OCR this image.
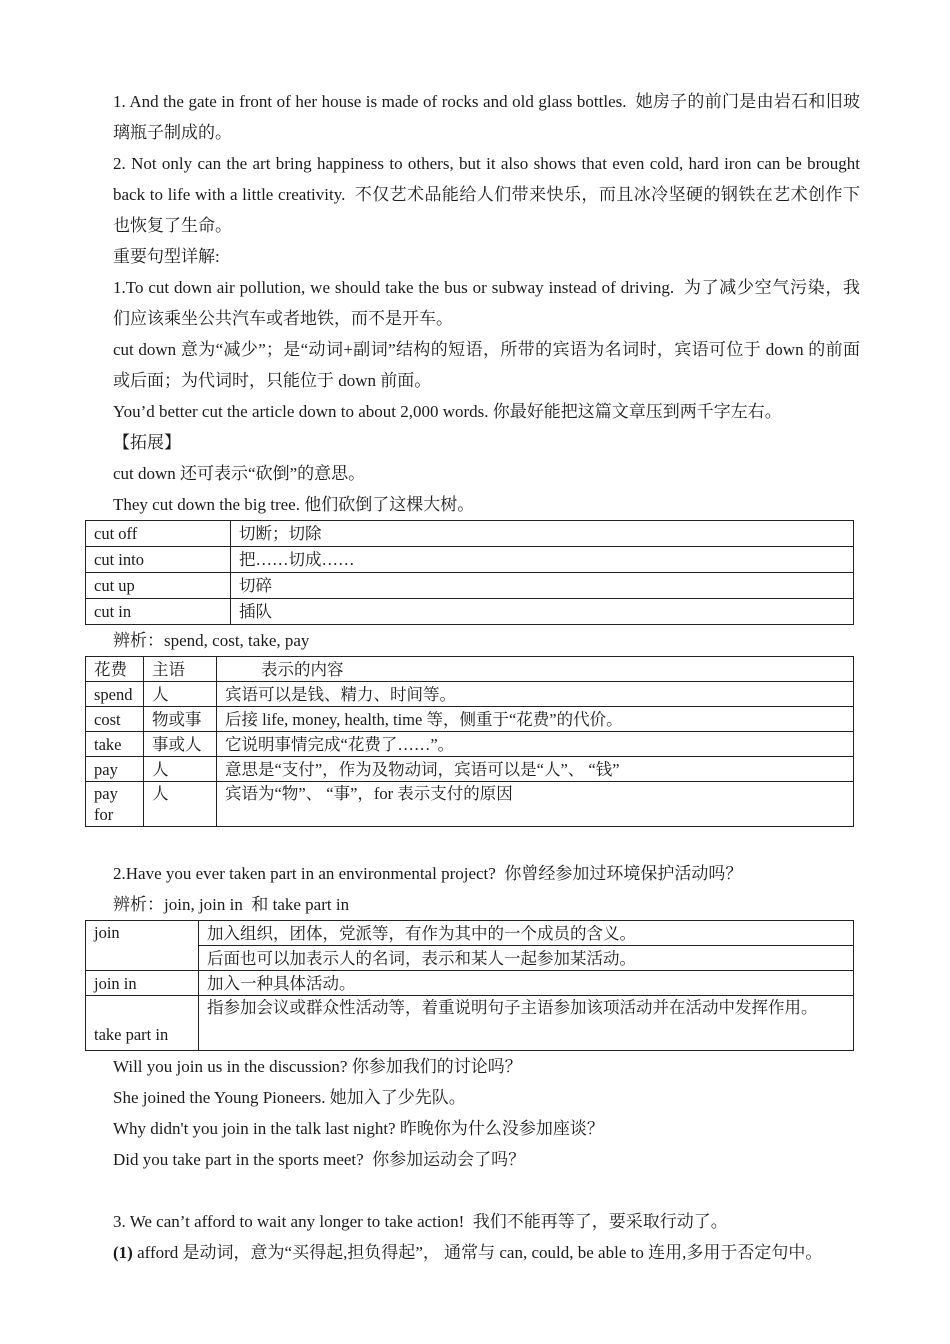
1. And the gate in front of her house is made of rocks and old glass bottles.  她房子的前门是由岩石和旧玻璃瓶子制成的。

2. Not only can the art bring happiness to others, but it also shows that even cold, hard iron can be brought back to life with a little creativity.  不仅艺术品能给人们带来快乐，而且冰冷坚硬的钢铁在艺术创作下也恢复了生命。

重要句型详解:

1.To cut down air pollution, we should take the bus or subway instead of driving.  为了减少空气污染，我们应该乘坐公共汽车或者地铁，而不是开车。

cut down 意为“减少”；是“动词+副词”结构的短语，所带的宾语为名词时，宾语可位于 down 的前面或后面；为代词时，只能位于 down 前面。

You’d better cut the article down to about 2,000 words. 你最好能把这篇文章压到两千字左右。

【拓展】

cut down 还可表示“砍倒”的意思。

They cut down the big tree. 他们砍倒了这棵大树。

cut off	切断；切除
cut into	把……切成……
cut up	切碎
cut in	插队

辨析：spend, cost, take, pay

花费	主语	表示的内容
spend	人	宾语可以是钱、精力、时间等。
cost	物或事	后接 life, money, health, time 等，侧重于“花费”的代价。
take	事或人	它说明事情完成“花费了……”。
pay	人	意思是“支付”，作为及物动词，宾语可以是“人”、 “钱”
pay for	人	宾语为“物”、 “事”，for 表示支付的原因

2.Have you ever taken part in an environmental project?  你曾经参加过环境保护活动吗？

辨析：join, join in  和 take part in

join	加入组织，团体，党派等，有作为其中的一个成员的含义。
	后面也可以加表示人的名词，表示和某人一起参加某活动。
join in	加入一种具体活动。
take part in	指参加会议或群众性活动等，着重说明句子主语参加该项活动并在活动中发挥作用。

Will you join us in the discussion? 你参加我们的讨论吗？

She joined the Young Pioneers. 她加入了少先队。

Why didn't you join in the talk last night? 昨晚你为什么没参加座谈？

Did you take part in the sports meet?  你参加运动会了吗？

3. We can’t afford to wait any longer to take action!  我们不能再等了，要采取行动了。

(1) afford 是动词，意为“买得起,担负得起”， 通常与 can, could, be able to 连用,多用于否定句中。
